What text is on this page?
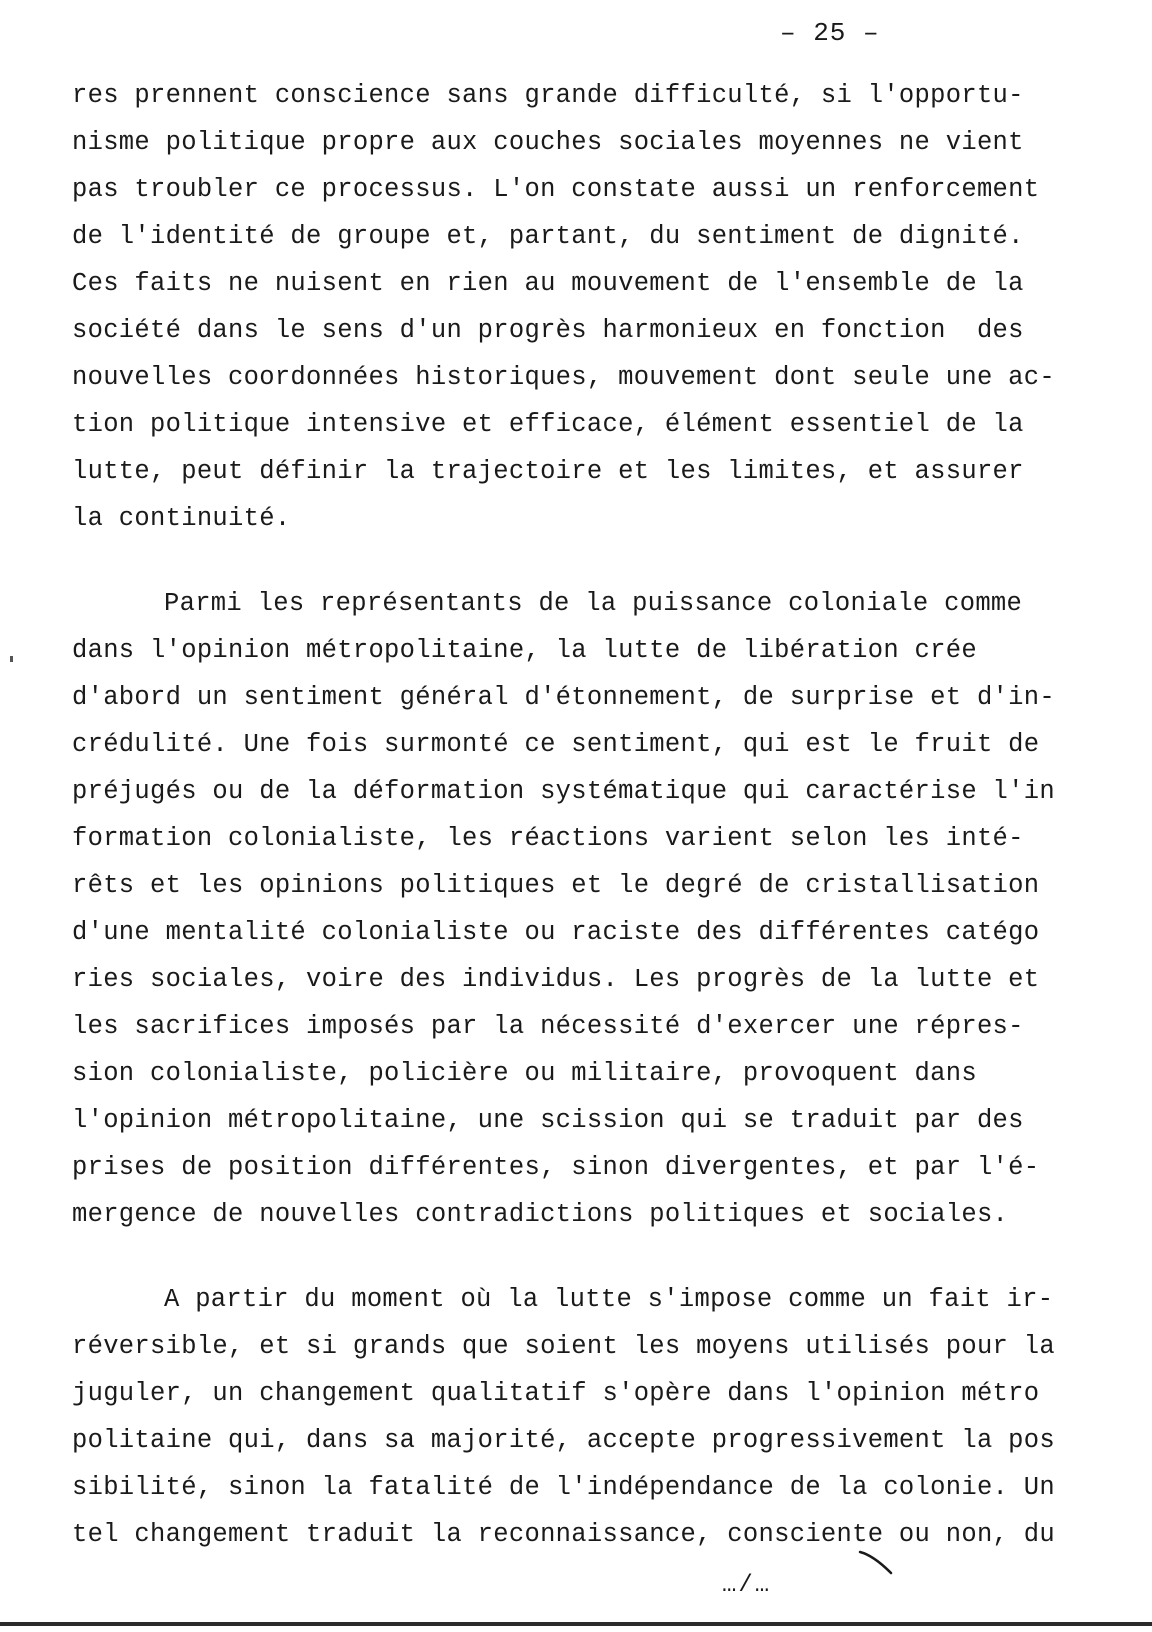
– 25 –
res prennent conscience sans grande difficulté, si l'opportu-
nisme politique propre aux couches sociales moyennes ne vient
pas troubler ce processus. L'on constate aussi un renforcement
de l'identité de groupe et, partant, du sentiment de dignité.
Ces faits ne nuisent en rien au mouvement de l'ensemble de la
société dans le sens d'un progrès harmonieux en fonction  des
nouvelles coordonnées historiques, mouvement dont seule une ac-
tion politique intensive et efficace, élément essentiel de la
lutte, peut définir la trajectoire et les limites, et assurer
la continuité.
Parmi les représentants de la puissance coloniale comme
dans l'opinion métropolitaine, la lutte de libération crée
d'abord un sentiment général d'étonnement, de surprise et d'in-
crédulité. Une fois surmonté ce sentiment, qui est le fruit de
préjugés ou de la déformation systématique qui caractérise l'in
formation colonialiste, les réactions varient selon les inté-
rêts et les opinions politiques et le degré de cristallisation
d'une mentalité colonialiste ou raciste des différentes catégo
ries sociales, voire des individus. Les progrès de la lutte et
les sacrifices imposés par la nécessité d'exercer une répres-
sion colonialiste, policière ou militaire, provoquent dans
l'opinion métropolitaine, une scission qui se traduit par des
prises de position différentes, sinon divergentes, et par l'é-
mergence de nouvelles contradictions politiques et sociales.
A partir du moment où la lutte s'impose comme un fait ir-
réversible, et si grands que soient les moyens utilisés pour la
juguler, un changement qualitatif s'opère dans l'opinion métro
politaine qui, dans sa majorité, accepte progressivement la pos
sibilité, sinon la fatalité de l'indépendance de la colonie. Un
tel changement traduit la reconnaissance, consciente ou non, du
…/…
